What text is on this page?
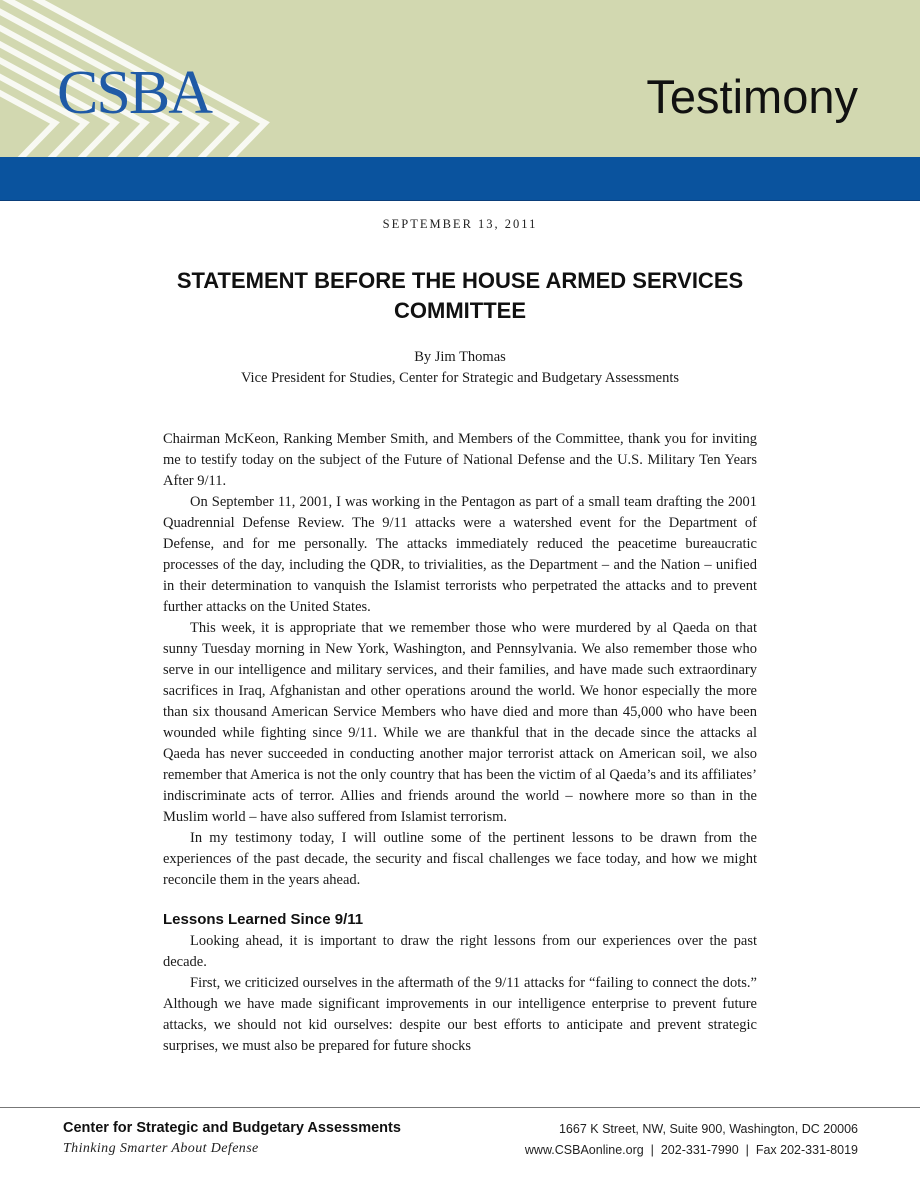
CSBA	Testimony
SEPTEMBER 13, 2011
STATEMENT BEFORE THE HOUSE ARMED SERVICES COMMITTEE
By Jim Thomas
Vice President for Studies, Center for Strategic and Budgetary Assessments

Chairman McKeon, Ranking Member Smith, and Members of the Committee, thank you for inviting me to testify today on the subject of the Future of National Defense and the U.S. Military Ten Years After 9/11.

On September 11, 2001, I was working in the Pentagon as part of a small team drafting the 2001 Quadrennial Defense Review. The 9/11 attacks were a watershed event for the Department of Defense, and for me personally. The attacks immediately reduced the peacetime bureaucratic processes of the day, including the QDR, to trivialities, as the Department – and the Nation – unified in their determination to vanquish the Islamist terrorists who perpetrated the attacks and to prevent further attacks on the United States.

This week, it is appropriate that we remember those who were murdered by al Qaeda on that sunny Tuesday morning in New York, Washington, and Pennsylvania. We also remember those who serve in our intelligence and military services, and their families, and have made such extraordinary sacrifices in Iraq, Afghanistan and other operations around the world. We honor especially the more than six thousand American Service Members who have died and more than 45,000 who have been wounded while fighting since 9/11. While we are thankful that in the decade since the attacks al Qaeda has never succeeded in conducting another major terrorist attack on American soil, we also remember that America is not the only country that has been the victim of al Qaeda’s and its affiliates’ indiscriminate acts of terror. Allies and friends around the world – nowhere more so than in the Muslim world – have also suffered from Islamist terrorism.

In my testimony today, I will outline some of the pertinent lessons to be drawn from the experiences of the past decade, the security and fiscal challenges we face today, and how we might reconcile them in the years ahead.

Lessons Learned Since 9/11

Looking ahead, it is important to draw the right lessons from our experiences over the past decade.

First, we criticized ourselves in the aftermath of the 9/11 attacks for “failing to connect the dots.” Although we have made significant improvements in our intelligence enterprise to prevent future attacks, we should not kid ourselves: despite our best efforts to anticipate and prevent strategic surprises, we must also be prepared for future shocks

Center for Strategic and Budgetary Assessments
Thinking Smarter About Defense
1667 K Street, NW, Suite 900, Washington, DC 20006
www.CSBAonline.org  |  202-331-7990  |  Fax 202-331-8019
